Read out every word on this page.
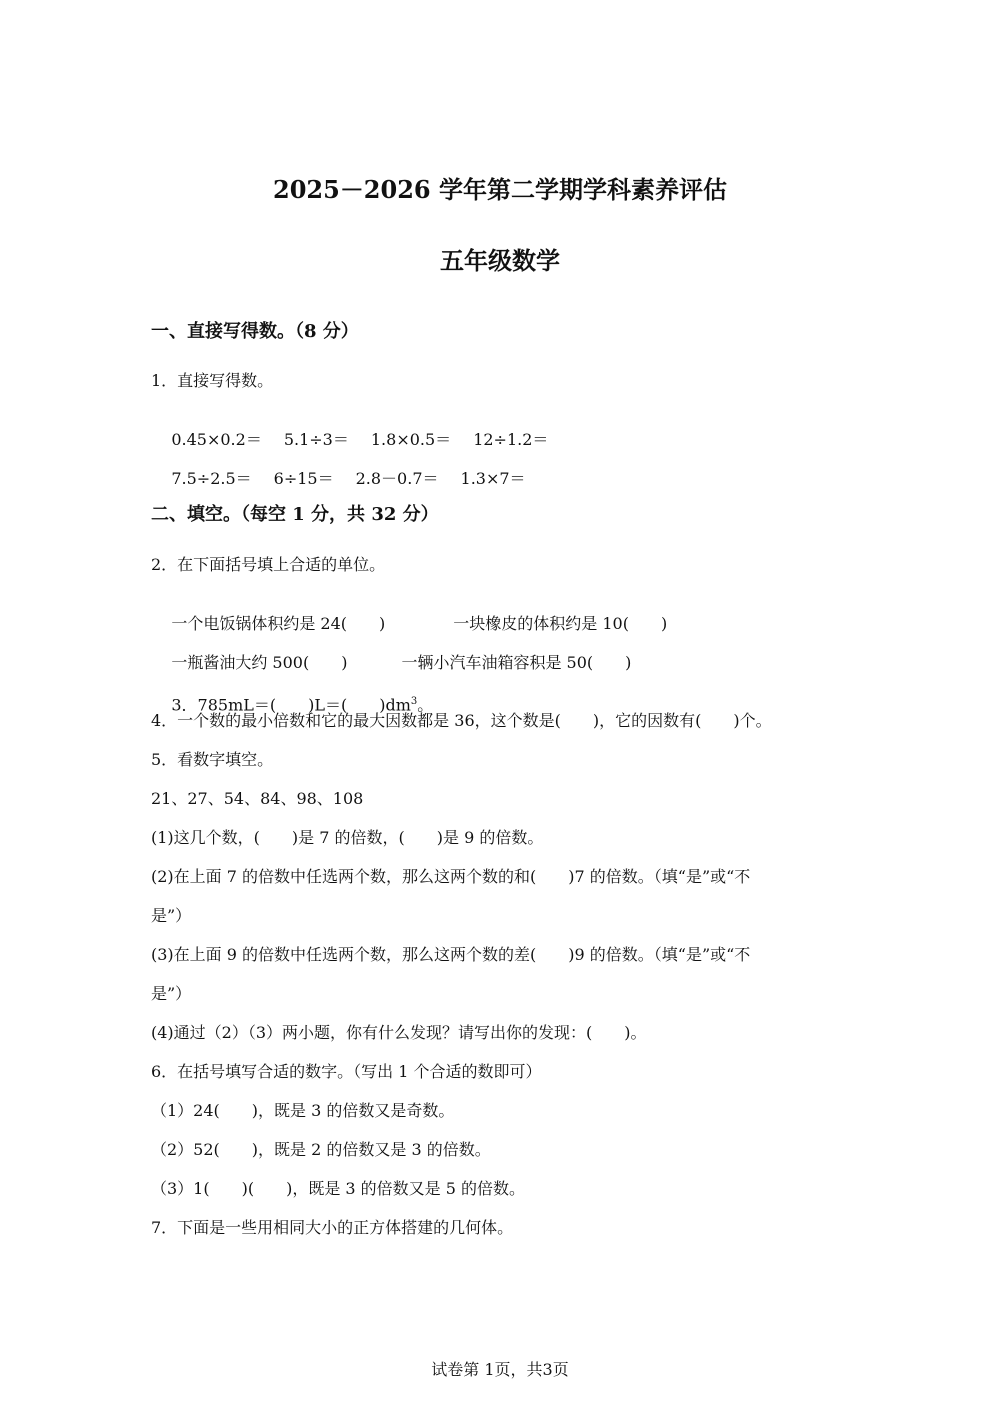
2025－2026 学年第二学期学科素养评估
五年级数学
一、直接写得数。（8 分）
1．直接写得数。

0.45×0.2＝ 5.1÷3＝ 1.8×0.5＝ 12÷1.2＝

7.5÷2.5＝ 6÷15＝ 2.8－0.7＝ 1.3×7＝

二、填空。（每空 1 分，共 32 分）
2．在下面括号填上合适的单位。

一个电饭锅体积约是 24(　　)	一块橡皮的体积约是 10(　　)

一瓶酱油大约 500(　　)	一辆小汽车油箱容积是 50(　　)

3．785mL＝(　　)L＝(　　)$dm^3$。

4．一个数的最小倍数和它的最大因数都是 36，这个数是(　　)，它的因数有(　　)个。
5．看数字填空。
21、27、54、84、98、108
(1)这几个数，(　　)是 7 的倍数，(　　)是 9 的倍数。
(2)在上面 7 的倍数中任选两个数，那么这两个数的和(　　)7 的倍数。（填“是”或“不
是”）
(3)在上面 9 的倍数中任选两个数，那么这两个数的差(　　)9 的倍数。（填“是”或“不
是”）
(4)通过（2）（3）两小题，你有什么发现？请写出你的发现：(　　)。
6．在括号填写合适的数字。（写出 1 个合适的数即可）
（1）24(　　)，既是 3 的倍数又是奇数。
（2）52(　　)，既是 2 的倍数又是 3 的倍数。
（3）1(　　)(　　)，既是 3 的倍数又是 5 的倍数。
7．下面是一些用相同大小的正方体搭建的几何体。
试卷第 1页，共3页
